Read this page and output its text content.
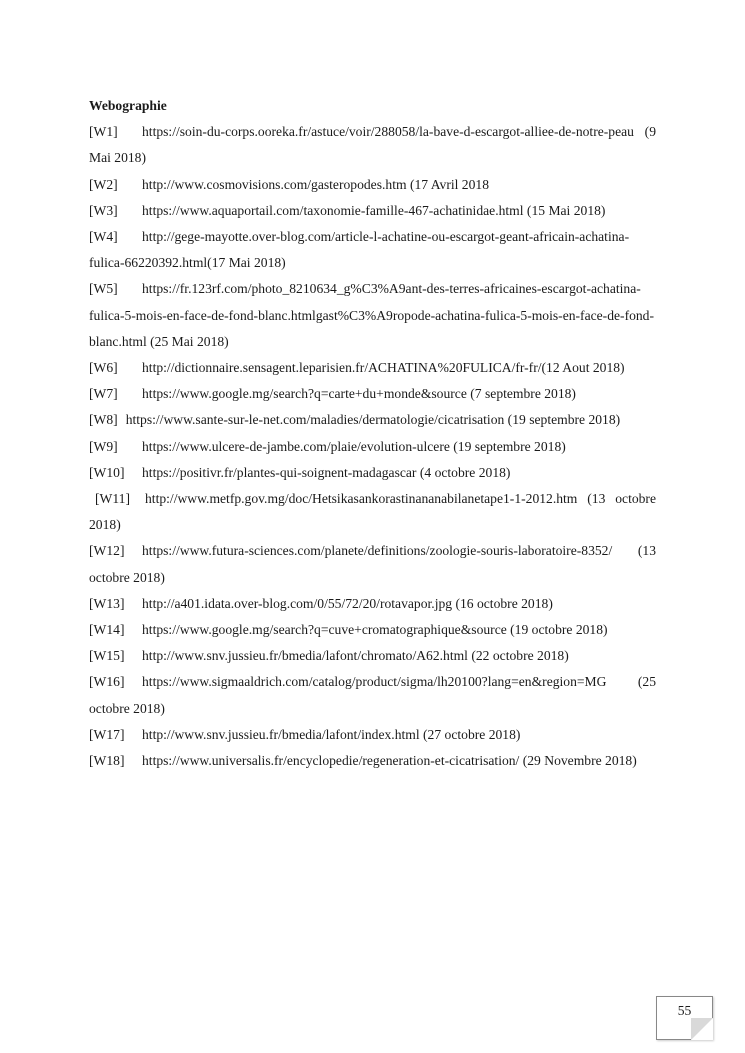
Webographie

[W1] https://soin-du-corps.ooreka.fr/astuce/voir/288058/la-bave-d-escargot-alliee-de-notre-peau (9 Mai 2018)

[W2] http://www.cosmovisions.com/gasteropodes.htm (17 Avril 2018

[W3] https://www.aquaportail.com/taxonomie-famille-467-achatinidae.html (15 Mai 2018)

[W4] http://gege-mayotte.over-blog.com/article-l-achatine-ou-escargot-geant-africain-achatina-fulica-66220392.html(17 Mai 2018)

[W5] https://fr.123rf.com/photo_8210634_g%C3%A9ant-des-terres-africaines-escargot-achatina-fulica-5-mois-en-face-de-fond-blanc.htmlgast%C3%A9ropode-achatina-fulica-5-mois-en-face-de-fond-blanc.html (25 Mai 2018)

[W6] http://dictionnaire.sensagent.leparisien.fr/ACHATINA%20FULICA/fr-fr/(12 Aout 2018)

[W7] https://www.google.mg/search?q=carte+du+monde&source (7 septembre 2018)

[W8] https://www.sante-sur-le-net.com/maladies/dermatologie/cicatrisation (19 septembre 2018)

[W9] https://www.ulcere-de-jambe.com/plaie/evolution-ulcere (19 septembre 2018)

[W10] https://positivr.fr/plantes-qui-soignent-madagascar (4 octobre 2018)

[W11] http://www.metfp.gov.mg/doc/Hetsikasankorastinananabilanetape1-1-2012.htm (13 octobre 2018)

[W12] https://www.futura-sciences.com/planete/definitions/zoologie-souris-laboratoire-8352/ (13 octobre 2018)

[W13] http://a401.idata.over-blog.com/0/55/72/20/rotavapor.jpg (16 octobre 2018)

[W14] https://www.google.mg/search?q=cuve+cromatographique&source (19 octobre 2018)

[W15] http://www.snv.jussieu.fr/bmedia/lafont/chromato/A62.html (22 octobre 2018)

[W16] https://www.sigmaaldrich.com/catalog/product/sigma/lh20100?lang=en&region=MG (25 octobre 2018)

[W17] http://www.snv.jussieu.fr/bmedia/lafont/index.html (27 octobre 2018)

[W18] https://www.universalis.fr/encyclopedie/regeneration-et-cicatrisation/ (29 Novembre 2018)

55
